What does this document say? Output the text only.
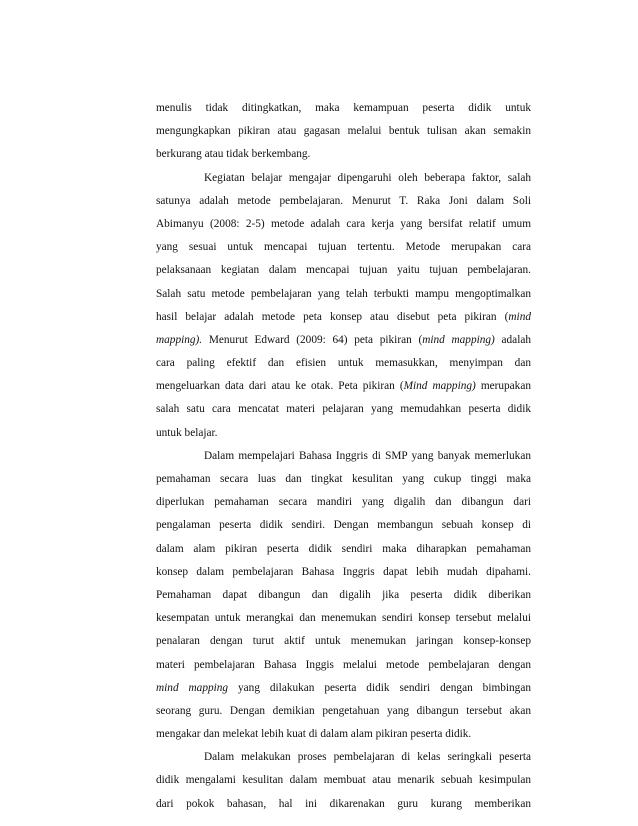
menulis tidak ditingkatkan, maka kemampuan peserta didik untuk
mengungkapkan pikiran atau gagasan melalui bentuk tulisan akan semakin
berkurang atau tidak berkembang.
Kegiatan belajar mengajar dipengaruhi oleh beberapa faktor, salah
satunya adalah metode pembelajaran. Menurut T. Raka Joni dalam Soli
Abimanyu (2008: 2-5) metode adalah cara kerja yang bersifat relatif umum
yang sesuai untuk mencapai tujuan tertentu. Metode merupakan cara
pelaksanaan kegiatan dalam mencapai tujuan yaitu tujuan pembelajaran.
Salah satu metode pembelajaran yang telah terbukti mampu mengoptimalkan
hasil belajar adalah metode peta konsep atau disebut peta pikiran (mind
mapping). Menurut Edward (2009: 64) peta pikiran (mind mapping) adalah
cara paling efektif dan efisien untuk memasukkan, menyimpan dan
mengeluarkan data dari atau ke otak. Peta pikiran (Mind mapping) merupakan
salah satu cara mencatat materi pelajaran yang memudahkan peserta didik
untuk belajar.
Dalam mempelajari Bahasa Inggris di SMP yang banyak memerlukan
pemahaman secara luas dan tingkat kesulitan yang cukup tinggi maka
diperlukan pemahaman secara mandiri yang digalih dan dibangun dari
pengalaman peserta didik sendiri. Dengan membangun sebuah konsep di
dalam alam pikiran peserta didik sendiri maka diharapkan pemahaman
konsep dalam pembelajaran Bahasa Inggris dapat lebih mudah dipahami.
Pemahaman dapat dibangun dan digalih jika peserta didik diberikan
kesempatan untuk merangkai dan menemukan sendiri konsep tersebut melalui
penalaran dengan turut aktif untuk menemukan jaringan konsep-konsep
materi pembelajaran Bahasa Inggis melalui metode pembelajaran dengan
mind mapping yang dilakukan peserta didik sendiri dengan bimbingan
seorang guru. Dengan demikian pengetahuan yang dibangun tersebut akan
mengakar dan melekat lebih kuat di dalam alam pikiran peserta didik.
Dalam melakukan proses pembelajaran di kelas seringkali peserta
didik mengalami kesulitan dalam membuat atau menarik sebuah kesimpulan
dari pokok bahasan, hal ini dikarenakan guru kurang memberikan
